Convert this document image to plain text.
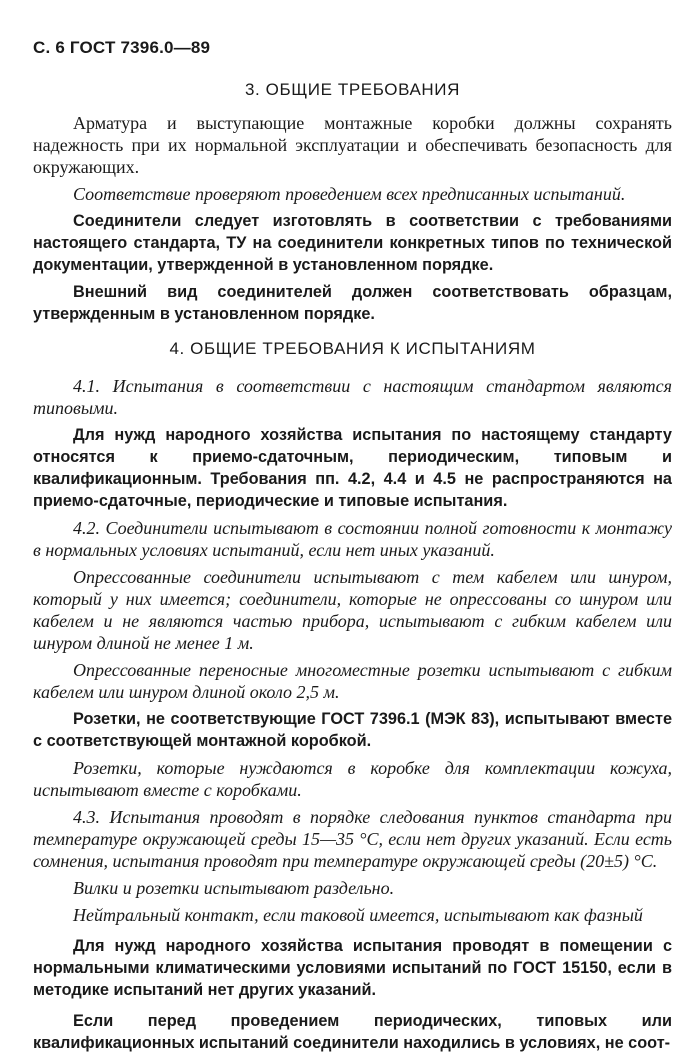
С. 6 ГОСТ 7396.0—89
3. ОБЩИЕ ТРЕБОВАНИЯ

Арматура и выступающие монтажные коробки должны сохранять надежность при их нормальной эксплуатации и обеспечивать безопасность для окружающих.

Соответствие проверяют проведением всех предписанных испытаний.

Соединители следует изготовлять в соответствии с требованиями настоящего стандарта, ТУ на соединители конкретных типов по технической документации, утвержденной в установленном порядке.

Внешний вид соединителей должен соответствовать образцам, утвержденным в установленном порядке.

4. ОБЩИЕ ТРЕБОВАНИЯ К ИСПЫТАНИЯМ

4.1. Испытания в соответствии с настоящим стандартом являются типовыми.

Для нужд народного хозяйства испытания по настоящему стандарту относятся к приемо-сдаточным, периодическим, типовым и квалификационным. Требования пп. 4.2, 4.4 и 4.5 не распространяются на приемо-сдаточные, периодические и типовые испытания.

4.2. Соединители испытывают в состоянии полной готовности к монтажу в нормальных условиях испытаний, если нет иных указаний.

Опрессованные соединители испытывают с тем кабелем или шнуром, который у них имеется; соединители, которые не опрессованы со шнуром или кабелем и не являются частью прибора, испытывают с гибким кабелем или шнуром длиной не менее 1 м.

Опрессованные переносные многоместные розетки испытывают с гибким кабелем или шнуром длиной около 2,5 м.

Розетки, не соответствующие ГОСТ 7396.1 (МЭК 83), испытывают вместе с соответствующей монтажной коробкой.

Розетки, которые нуждаются в коробке для комплектации кожуха, испытывают вместе с коробками.

4.3. Испытания проводят в порядке следования пунктов стандарта при температуре окружающей среды 15—35 °С, если нет других указаний. Если есть сомнения, испытания проводят при температуре окружающей среды (20±5) °С.

Вилки и розетки испытывают раздельно.

Нейтральный контакт, если таковой имеется, испытывают как фазный

Для нужд народного хозяйства испытания проводят в помещении с нормальными климатическими условиями испытаний по ГОСТ 15150, если в методике испытаний нет других указаний.

Если перед проведением периодических, типовых или квалификационных испытаний соединители находились в условиях, не соот-
